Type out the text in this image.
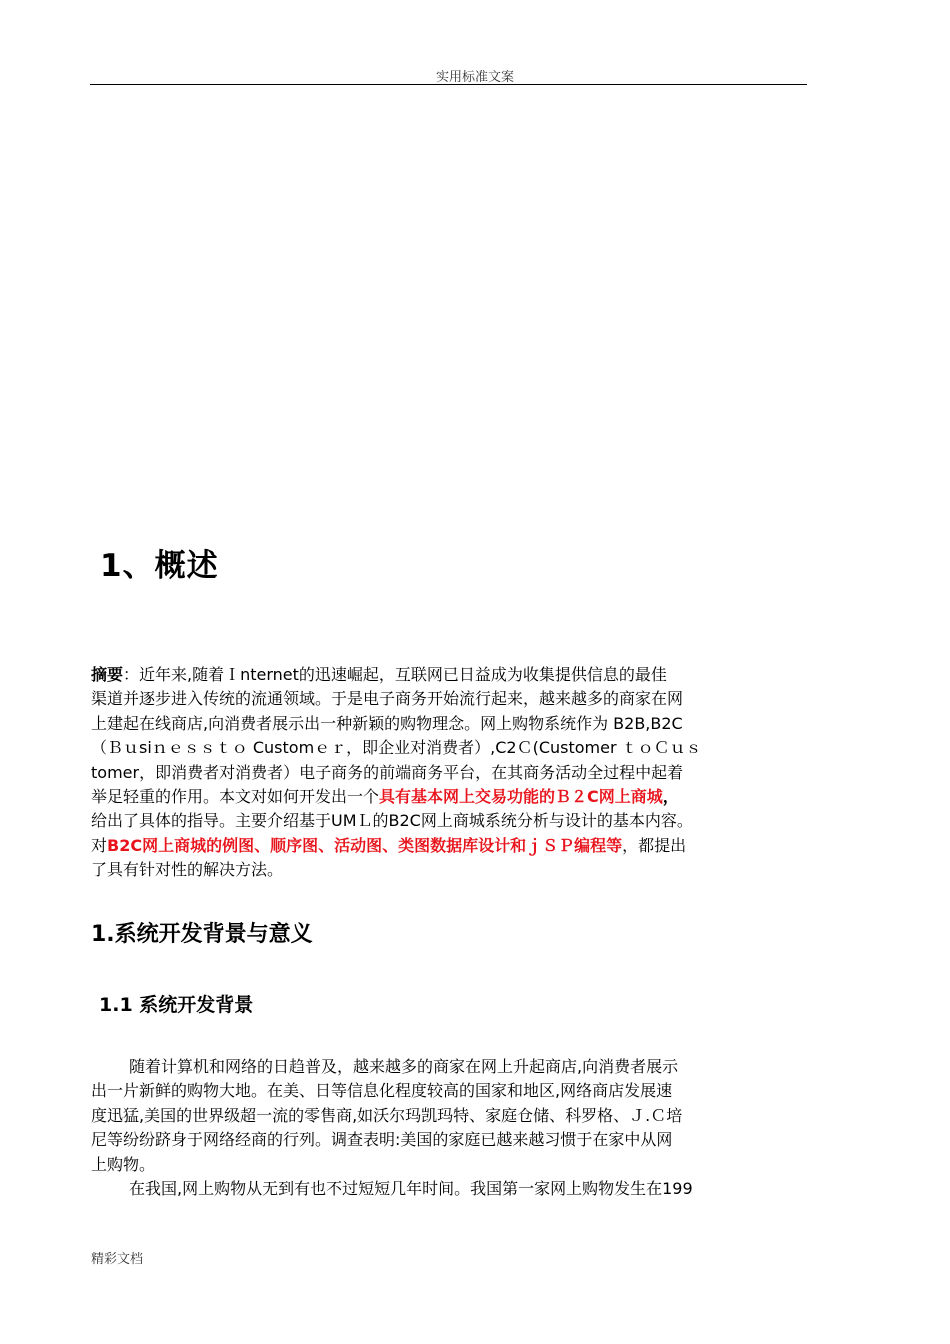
实用标准文案
1、概述
摘要：近年来,随着Ｉnternet的迅速崛起，互联网已日益成为收集提供信息的最佳
渠道并逐步进入传统的流通领域。于是电子商务开始流行起来，越来越多的商家在网
上建起在线商店,向消费者展示出一种新颖的购物理念。网上购物系统作为 B2B,B2C
（Ｂｕsiｎｅｓｓｔｏ Customｅｒ，即企业对消费者）,C2Ｃ(Customer ｔｏＣｕｓ
tomer，即消费者对消费者）电子商务的前端商务平台，在其商务活动全过程中起着
举足轻重的作用。本文对如何开发出一个具有基本网上交易功能的Ｂ２C网上商城，
给出了具体的指导。主要介绍基于UMＬ的B2C网上商城系统分析与设计的基本内容。
对B2C网上商城的例图、顺序图、活动图、类图数据库设计和ｊＳＰ编程等，都提出
了具有针对性的解决方法。
1.系统开发背景与意义
1.1 系统开发背景
随着计算机和网络的日趋普及，越来越多的商家在网上升起商店,向消费者展示
出一片新鲜的购物大地。在美、日等信息化程度较高的国家和地区,网络商店发展速
度迅猛,美国的世界级超一流的零售商,如沃尔玛凯玛特、家庭仓储、科罗格、Ｊ.Ｃ培
尼等纷纷跻身于网络经商的行列。调查表明:美国的家庭已越来越习惯于在家中从网
上购物。
在我国,网上购物从无到有也不过短短几年时间。我国第一家网上购物发生在199
精彩文档
